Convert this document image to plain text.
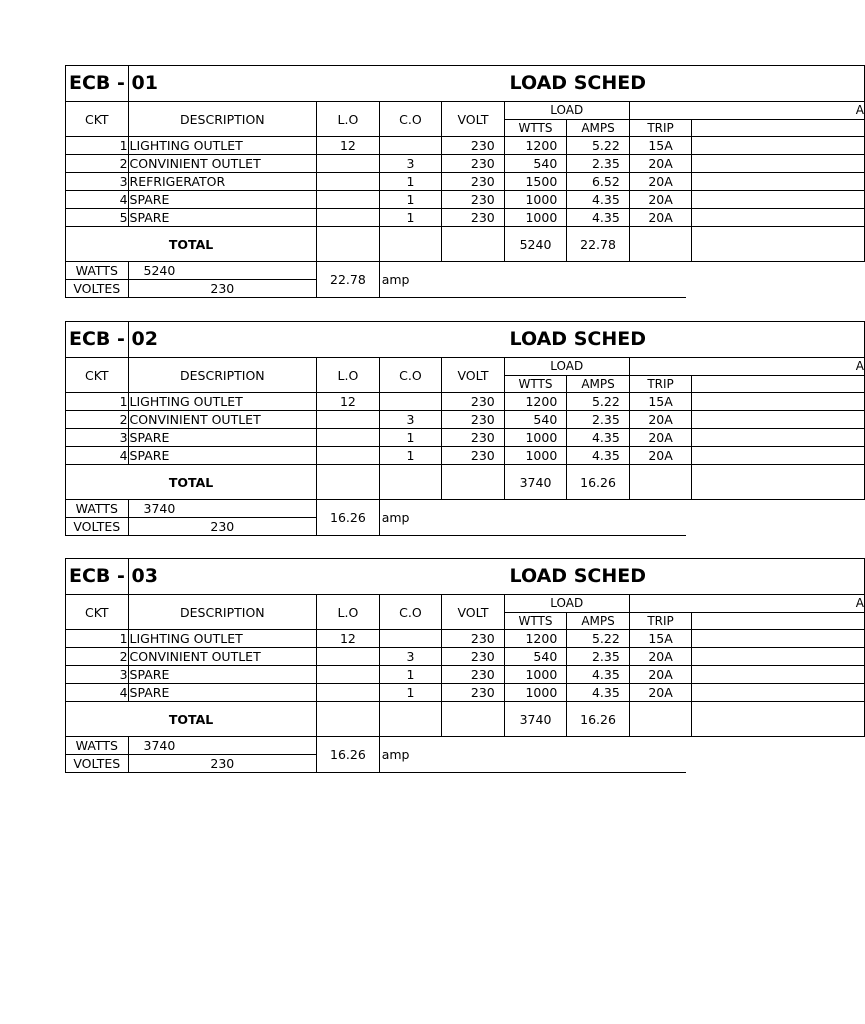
ECB - 01	LOAD SCHED							
CKT	DESCRIPTION	L.O	C.O	VOLT	LOAD		A	
					WTTS	AMPS	TRIP	
1	LIGHTING OUTLET	12		230	1200	5.22	15A	
2	CONVINIENT OUTLET		3	230	540	2.35	20A	
3	REFRIGERATOR		1	230	1500	6.52	20A	
4	SPARE		1	230	1000	4.35	20A	
5	SPARE		1	230	1000	4.35	20A	
TOTAL					5240	22.78		
WATTS	5240	22.78	amp					
VOLTES	230							
ECB - 02	LOAD SCHED							
CKT	DESCRIPTION	L.O	C.O	VOLT	LOAD		A	
					WTTS	AMPS	TRIP	
1	LIGHTING OUTLET	12		230	1200	5.22	15A	
2	CONVINIENT OUTLET		3	230	540	2.35	20A	
3	SPARE		1	230	1000	4.35	20A	
4	SPARE		1	230	1000	4.35	20A	
TOTAL					3740	16.26		
WATTS	3740	16.26	amp					
VOLTES	230							
ECB - 03	LOAD SCHED							
CKT	DESCRIPTION	L.O	C.O	VOLT	LOAD		A	
					WTTS	AMPS	TRIP	
1	LIGHTING OUTLET	12		230	1200	5.22	15A	
2	CONVINIENT OUTLET		3	230	540	2.35	20A	
3	SPARE		1	230	1000	4.35	20A	
4	SPARE		1	230	1000	4.35	20A	
TOTAL					3740	16.26		
WATTS	3740	16.26	amp					
VOLTES	230							
